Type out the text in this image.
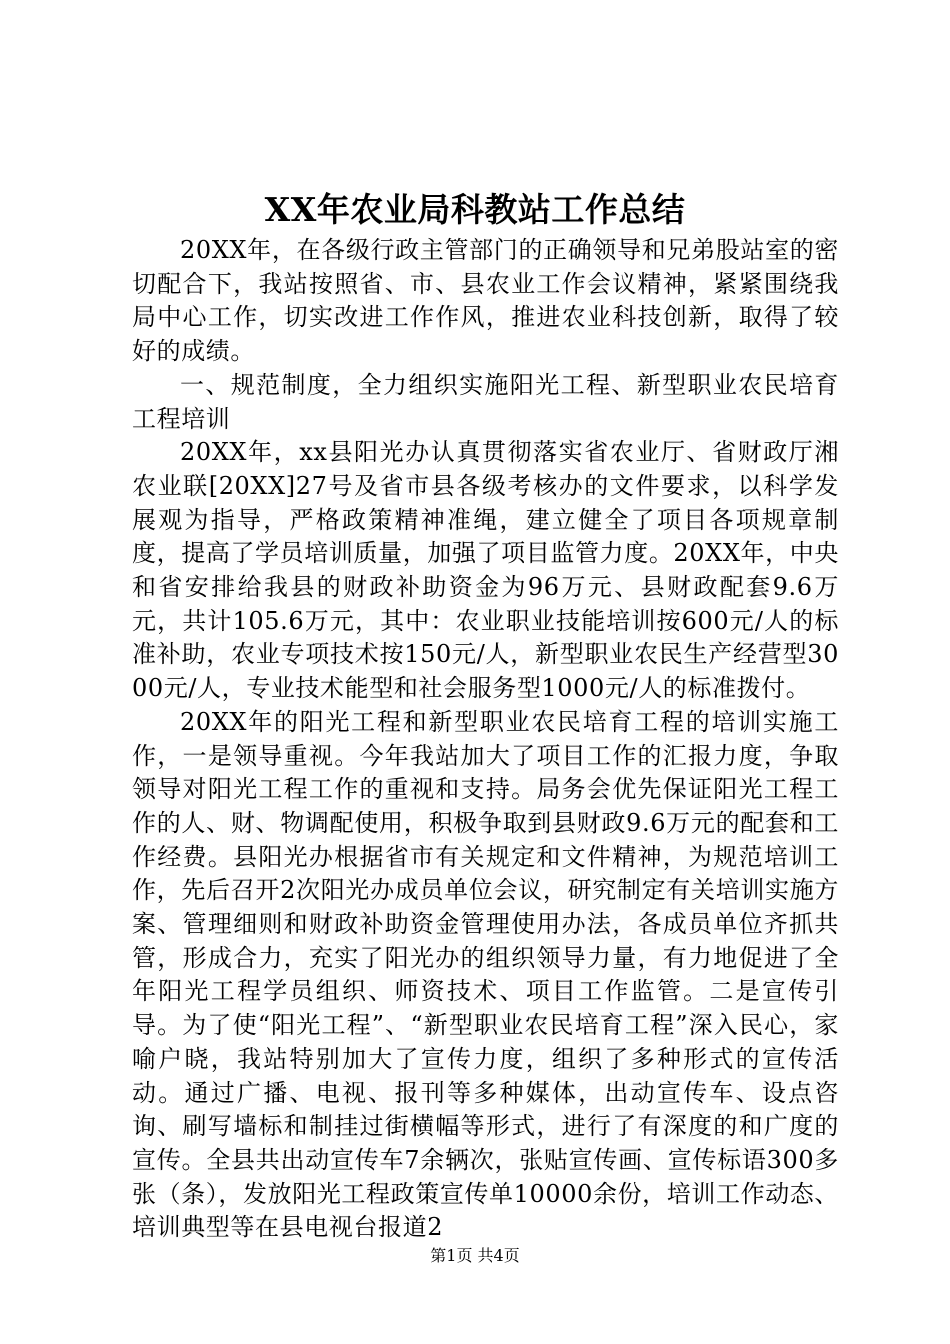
XX年农业局科教站工作总结

20XX年，在各级行政主管部门的正确领导和兄弟股站室的密切配合下，我站按照省、市、县农业工作会议精神，紧紧围绕我局中心工作，切实改进工作作风，推进农业科技创新，取得了较好的成绩。

一、规范制度，全力组织实施阳光工程、新型职业农民培育工程培训

20XX年，xx县阳光办认真贯彻落实省农业厅、省财政厅湘农业联[20XX]27号及省市县各级考核办的文件要求，以科学发展观为指导，严格政策精神准绳，建立健全了项目各项规章制度，提高了学员培训质量，加强了项目监管力度。20XX年，中央和省安排给我县的财政补助资金为96万元、县财政配套9.6万元，共计105.6万元，其中：农业职业技能培训按600元/人的标准补助，农业专项技术按150元/人，新型职业农民生产经营型3000元/人，专业技术能型和社会服务型1000元/人的标准拨付。

20XX年的阳光工程和新型职业农民培育工程的培训实施工作，一是领导重视。今年我站加大了项目工作的汇报力度，争取领导对阳光工程工作的重视和支持。局务会优先保证阳光工程工作的人、财、物调配使用，积极争取到县财政9.6万元的配套和工作经费。县阳光办根据省市有关规定和文件精神，为规范培训工作，先后召开2次阳光办成员单位会议，研究制定有关培训实施方案、管理细则和财政补助资金管理使用办法，各成员单位齐抓共管，形成合力，充实了阳光办的组织领导力量，有力地促进了全年阳光工程学员组织、师资技术、项目工作监管。二是宣传引导。为了使“阳光工程”、“新型职业农民培育工程”深入民心，家喻户晓，我站特别加大了宣传力度，组织了多种形式的宣传活动。通过广播、电视、报刊等多种媒体，出动宣传车、设点咨询、刷写墙标和制挂过街横幅等形式，进行了有深度的和广度的宣传。全县共出动宣传车7余辆次，张贴宣传画、宣传标语300多张（条），发放阳光工程政策宣传单10000余份，培训工作动态、培训典型等在县电视台报道2

第1页 共4页
